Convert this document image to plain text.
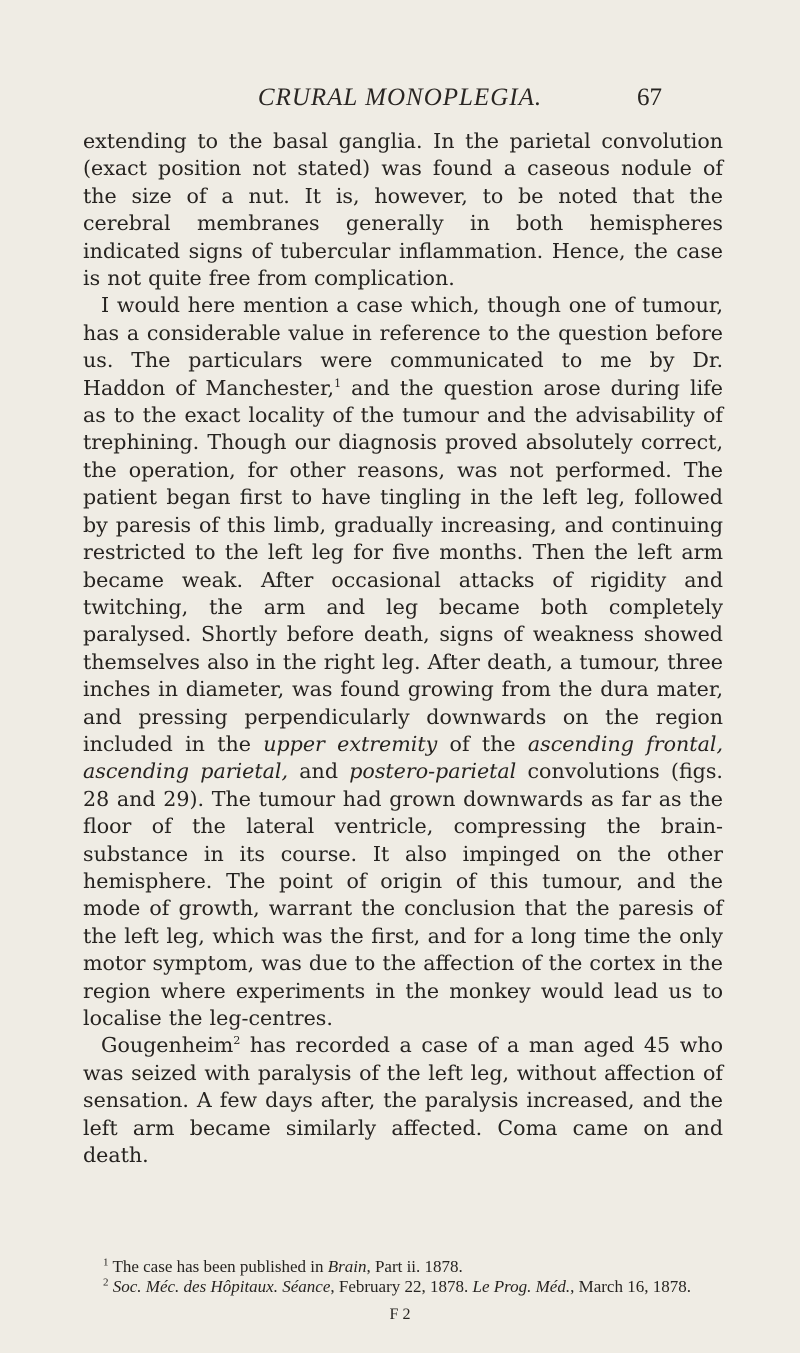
CRURAL MONOPLEGIA.	67

extending to the basal ganglia. In the parietal convolution (exact position not stated) was found a caseous nodule of the size of a nut. It is, however, to be noted that the cerebral membranes generally in both hemispheres indicated signs of tubercular inflammation. Hence, the case is not quite free from complication.

I would here mention a case which, though one of tumour, has a considerable value in reference to the question before us. The particulars were communicated to me by Dr. Haddon of Manchester,$^1$ and the question arose during life as to the exact locality of the tumour and the advisability of trephining. Though our diagnosis proved absolutely correct, the operation, for other reasons, was not performed. The patient began first to have tingling in the left leg, followed by paresis of this limb, gradually increasing, and continuing restricted to the left leg for five months. Then the left arm became weak. After occasional attacks of rigidity and twitching, the arm and leg became both completely paralysed. Shortly before death, signs of weakness showed themselves also in the right leg. After death, a tumour, three inches in diameter, was found growing from the dura mater, and pressing perpendicularly downwards on the region included in the upper extremity of the ascending frontal, ascending parietal, and postero-parietal convolutions (figs. 28 and 29). The tumour had grown downwards as far as the floor of the lateral ventricle, compressing the brain-substance in its course. It also impinged on the other hemisphere. The point of origin of this tumour, and the mode of growth, warrant the conclusion that the paresis of the left leg, which was the first, and for a long time the only motor symptom, was due to the affection of the cortex in the region where experiments in the monkey would lead us to localise the leg-centres.

Gougenheim$^2$ has recorded a case of a man aged 45 who was seized with paralysis of the left leg, without affection of sensation. A few days after, the paralysis increased, and the left arm became similarly affected. Coma came on and death.

$^1$ The case has been published in Brain, Part ii. 1878.

$^2$ Soc. Méc. des Hôpitaux. Séance, February 22, 1878. Le Prog. Méd., March 16, 1878.

F 2
